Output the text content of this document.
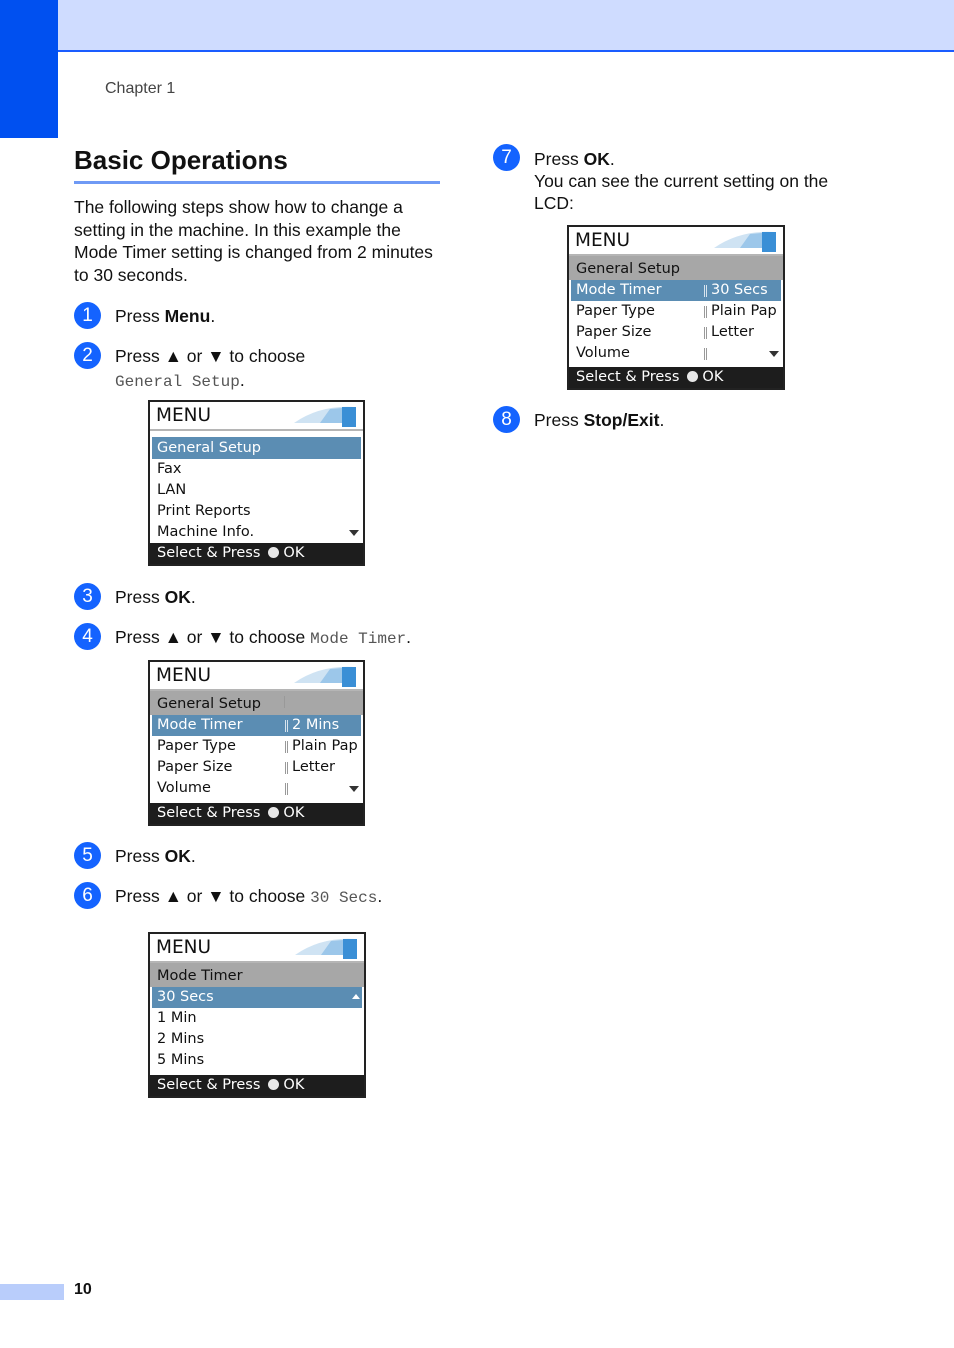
Chapter 1
Basic Operations
The following steps show how to change a setting in the machine. In this example the Mode Timer setting is changed from 2 minutes to 30 seconds.
1	Press Menu.
2	Press ▲ or ▼ to choose
General Setup.
MENU
General Setup
Fax
LAN
Print Reports
Machine Info.
Select & Press OK
3	Press OK.
4	Press ▲ or ▼ to choose Mode Timer.
MENU
General Setup
Mode Timer	2 Mins
Paper Type	Plain Pap
Paper Size	Letter
Volume
Select & Press OK
5	Press OK.
6	Press ▲ or ▼ to choose 30 Secs.
MENU
Mode Timer
30 Secs
1 Min
2 Mins
5 Mins
Select & Press OK
7	Press OK.
You can see the current setting on the LCD:
MENU
General Setup
Mode Timer	30 Secs
Paper Type	Plain Pap
Paper Size	Letter
Volume
Select & Press OK
8	Press Stop/Exit.
10
